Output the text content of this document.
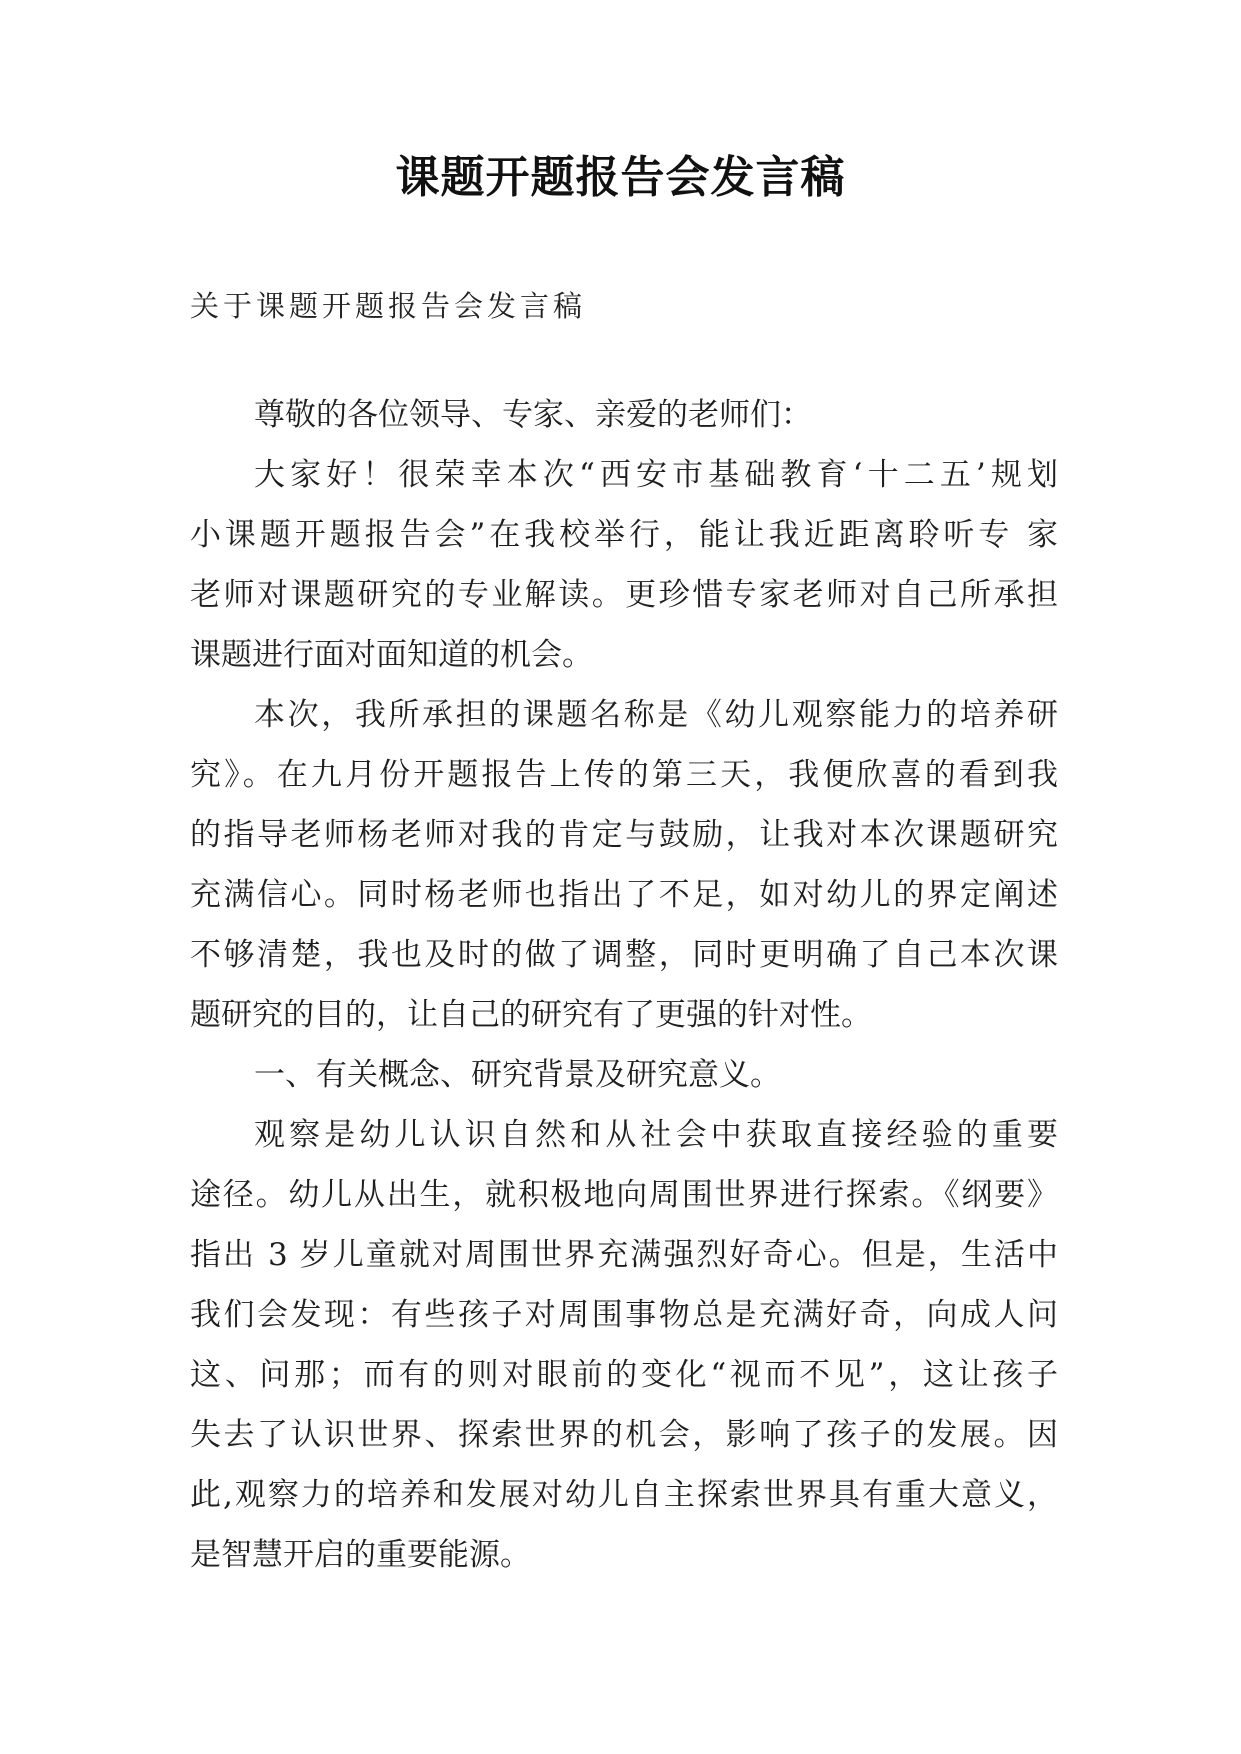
课题开题报告会发言稿
关于课题开题报告会发言稿
尊敬的各位领导、专家、亲爱的老师们：
大家好！很荣幸本次“西安市基础教育‘十二五’规划
小课题开题报告会”在我校举行，能让我近距离聆听专 家
老师对课题研究的专业解读。更珍惜专家老师对自己所承担
课题进行面对面知道的机会。
本次，我所承担的课题名称是《幼儿观察能力的培养研
究》。在九月份开题报告上传的第三天，我便欣喜的看到我
的指导老师杨老师对我的肯定与鼓励，让我对本次课题研究
充满信心。同时杨老师也指出了不足，如对幼儿的界定阐述
不够清楚，我也及时的做了调整，同时更明确了自己本次课
题研究的目的，让自己的研究有了更强的针对性。
一、有关概念、研究背景及研究意义。
观察是幼儿认识自然和从社会中获取直接经验的重要
途径。幼儿从出生，就积极地向周围世界进行探索。《纲要》
指出 3 岁儿童就对周围世界充满强烈好奇心。但是，生活中
我们会发现：有些孩子对周围事物总是充满好奇，向成人问
这、问那；而有的则对眼前的变化“视而不见”，这让孩子
失去了认识世界、探索世界的机会，影响了孩子的发展。因
此,观察力的培养和发展对幼儿自主探索世界具有重大意义，
是智慧开启的重要能源。
